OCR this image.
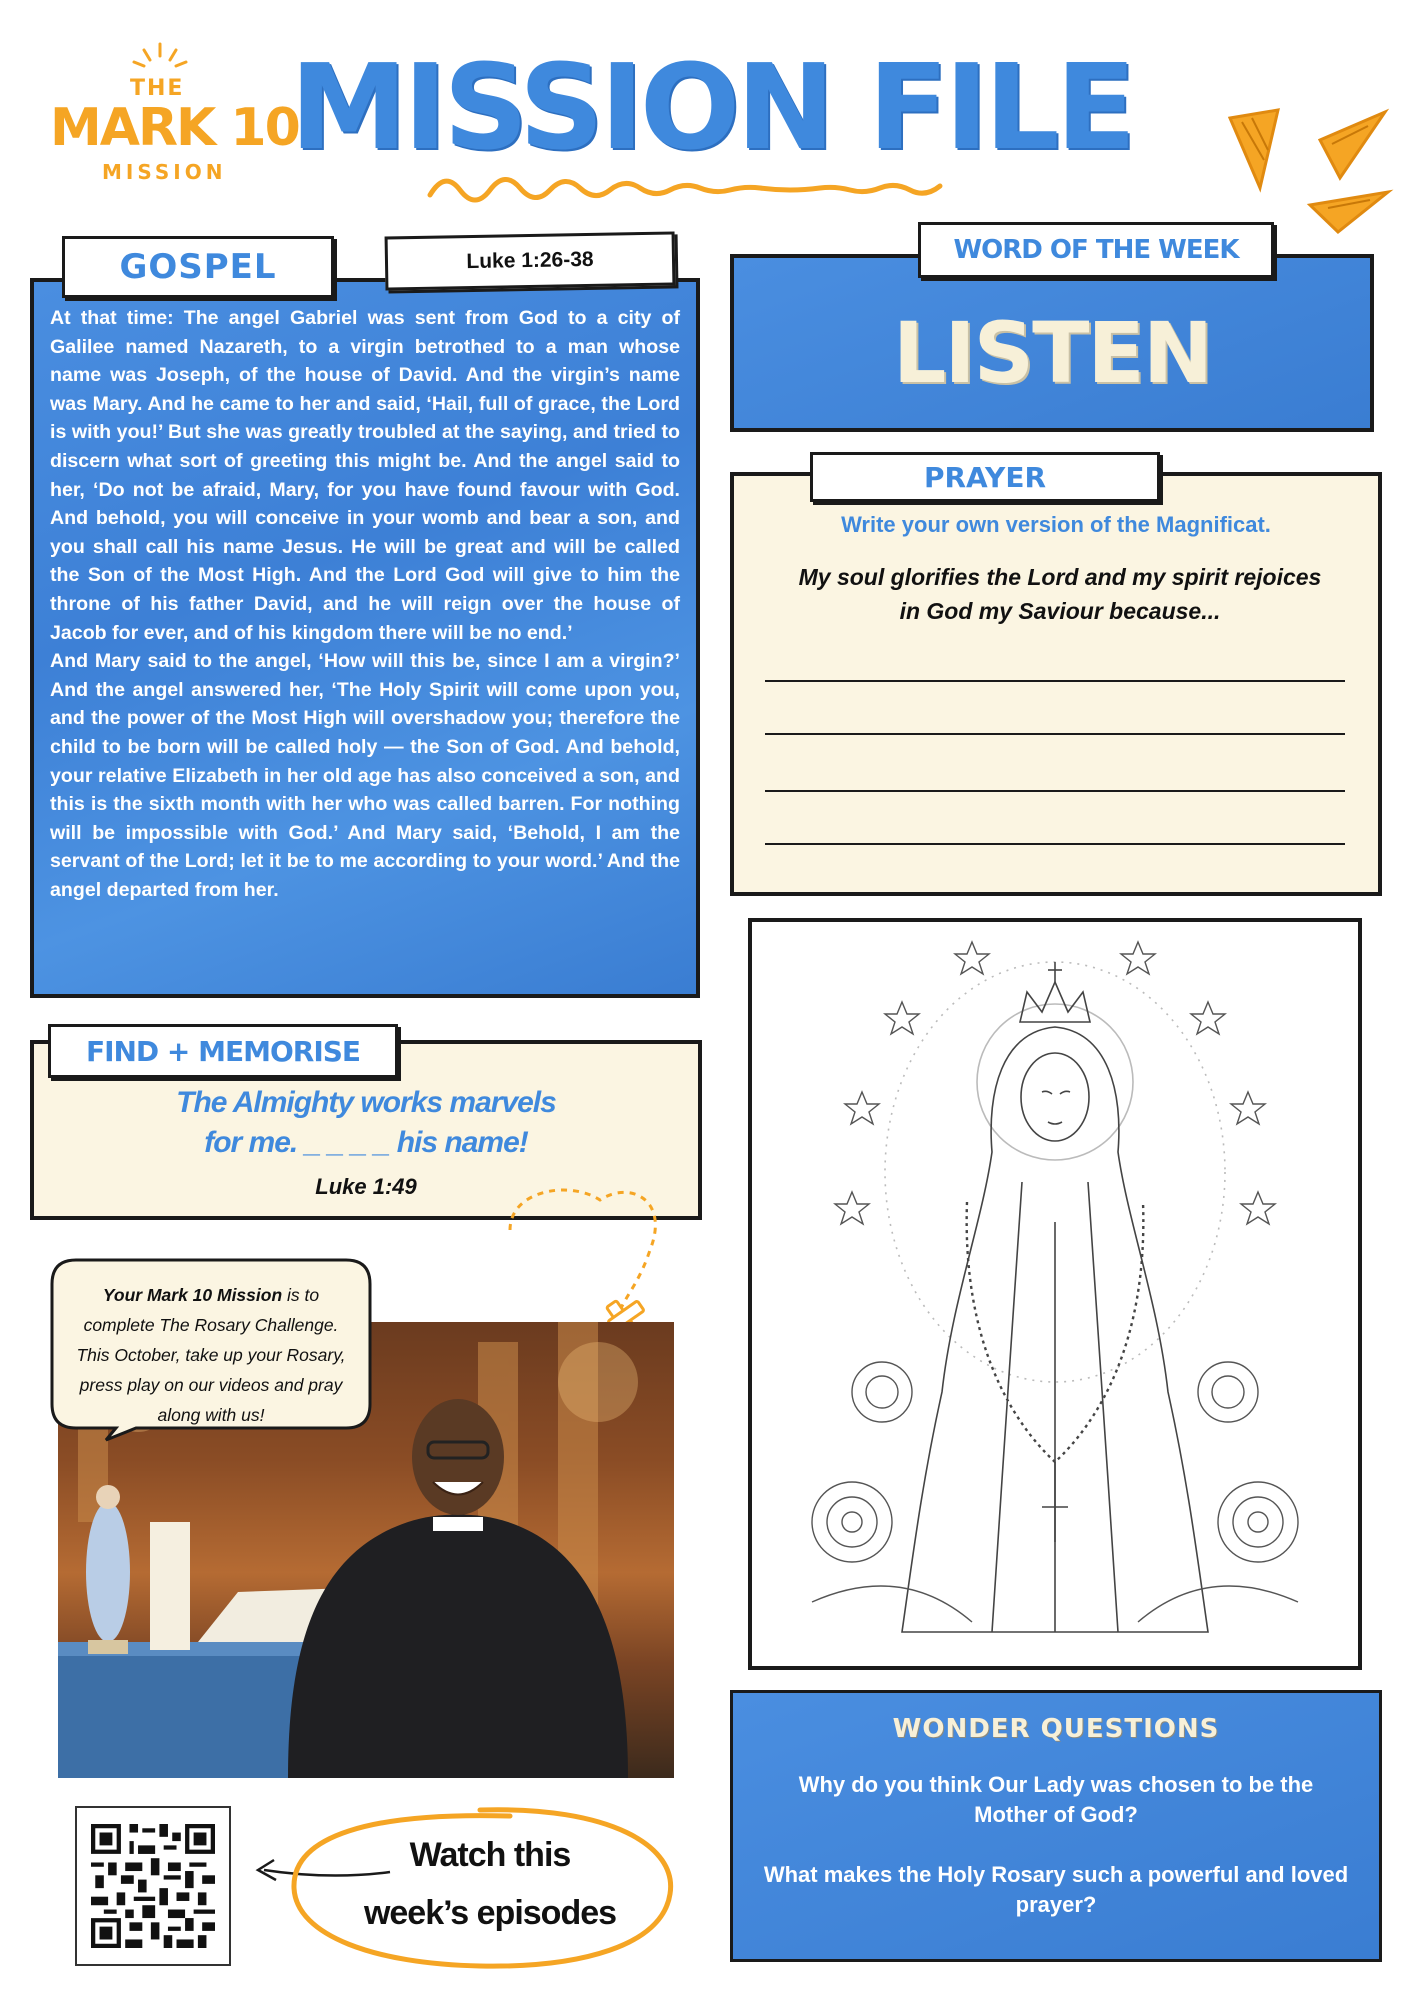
THE
MARK 10
MISSION MISSION FILE

At that time: The angel Gabriel was sent from God to a city of Galilee named Nazareth, to a virgin betrothed to a man whose name was Joseph, of the house of David. And the virgin’s name was Mary. And he came to her and said, ‘Hail, full of grace, the Lord is with you!’ But she was greatly troubled at the saying, and tried to discern what sort of greeting this might be. And the angel said to her, ‘Do not be afraid, Mary, for you have found favour with God. And behold, you will conceive in your womb and bear a son, and you shall call his name Jesus. He will be great and will be called the Son of the Most High. And the Lord God will give to him the throne of his father David, and he will reign over the house of Jacob for ever, and of his kingdom there will be no end.’

And Mary said to the angel, ‘How will this be, since I am a virgin?’ And the angel answered her, ‘The Holy Spirit will come upon you, and the power of the Most High will overshadow you; therefore the child to be born will be called holy — the Son of God. And behold, your relative Elizabeth in her old age has also conceived a son, and this is the sixth month with her who was called barren. For nothing will be impossible with God.’ And Mary said, ‘Behold, I am the servant of the Lord; let it be to me according to your word.’ And the angel departed from her.

GOSPEL	Luke 1:26-38
LISTEN
WORD OF THE WEEK
PRAYER
Write your own version of the Magnificat.
My soul glorifies the Lord and my spirit rejoices
in God my Saviour because...
FIND + MEMORISE
The Almighty works marvels
for me. _ _ _ _ his name!
Luke 1:49
Your Mark 10 Mission is to complete The Rosary Challenge. This October, take up your Rosary, press play on our videos and pray along with us!
Watch this
week’s episodes
WONDER QUESTIONS
Why do you think Our Lady was chosen to be the Mother of God?
What makes the Holy Rosary such a powerful and loved prayer?
